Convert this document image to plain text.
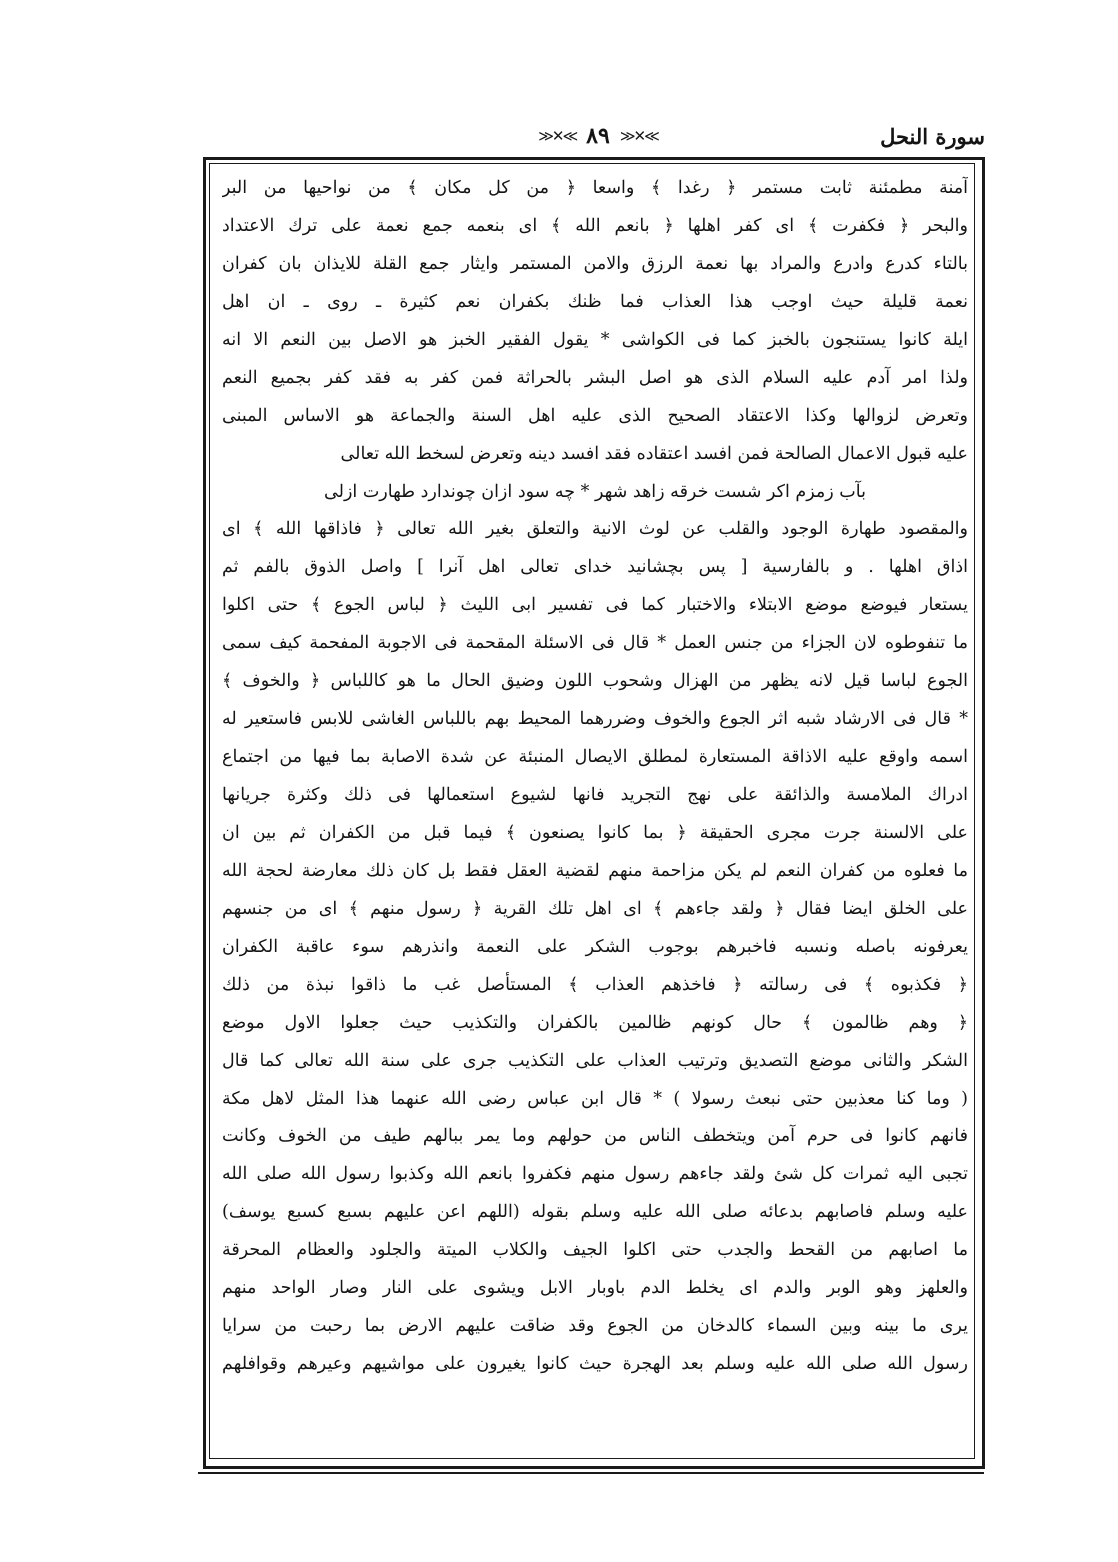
سورة النحل
≫✕≪ ٨٩ ≫✕≪
آمنة مطمئنة ثابت مستمر ﴿ رغدا ﴾ واسعا ﴿ من كل مكان ﴾ من نواحيها من البر
والبحر ﴿ فكفرت ﴾ اى كفر اهلها ﴿ بانعم الله ﴾ اى بنعمه جمع نعمة على ترك الاعتداد
بالتاء كدرع وادرع والمراد بها نعمة الرزق والامن المستمر وايثار جمع القلة للايذان بان كفران
نعمة قليلة حيث اوجب هذا العذاب فما ظنك بكفران نعم كثيرة ـ روى ـ ان اهل
ايلة كانوا يستنجون بالخبز كما فى الكواشى * يقول الفقير الخبز هو الاصل بين النعم الا انه
ولذا امر آدم عليه السلام الذى هو اصل البشر بالحراثة فمن كفر به فقد كفر بجميع النعم
وتعرض لزوالها وكذا الاعتقاد الصحيح الذى عليه اهل السنة والجماعة هو الاساس المبنى
عليه قبول الاعمال الصالحة فمن افسد اعتقاده فقد افسد دينه وتعرض لسخط الله تعالى
بآب زمزم اكر شست خرقه زاهد شهر * چه سود ازان چوندارد طهارت ازلى
والمقصود طهارة الوجود والقلب عن لوث الانية والتعلق بغير الله تعالى ﴿ فاذاقها الله ﴾ اى
اذاق اهلها . و بالفارسية [ پس بچشانيد خداى تعالى اهل آنرا ] واصل الذوق بالفم ثم
يستعار فيوضع موضع الابتلاء والاختبار كما فى تفسير ابى الليث ﴿ لباس الجوع ﴾ حتى اكلوا
ما تنفوطوه لان الجزاء من جنس العمل * قال فى الاسئلة المقحمة فى الاجوبة المفحمة كيف سمى
الجوع لباسا قيل لانه يظهر من الهزال وشحوب اللون وضيق الحال ما هو كاللباس ﴿ والخوف ﴾
* قال فى الارشاد شبه اثر الجوع والخوف وضررهما المحيط بهم باللباس الغاشى للابس فاستعير له
اسمه واوقع عليه الاذاقة المستعارة لمطلق الايصال المنبئة عن شدة الاصابة بما فيها من اجتماع
ادراك الملامسة والذائقة على نهج التجريد فانها لشيوع استعمالها فى ذلك وكثرة جريانها
على الالسنة جرت مجرى الحقيقة ﴿ بما كانوا يصنعون ﴾ فيما قبل من الكفران ثم بين ان
ما فعلوه من كفران النعم لم يكن مزاحمة منهم لقضية العقل فقط بل كان ذلك معارضة لحجة الله
على الخلق ايضا فقال ﴿ ولقد جاءهم ﴾ اى اهل تلك القرية ﴿ رسول منهم ﴾ اى من جنسهم
يعرفونه باصله ونسبه فاخبرهم بوجوب الشكر على النعمة وانذرهم سوء عاقبة الكفران
﴿ فكذبوه ﴾ فى رسالته ﴿ فاخذهم العذاب ﴾ المستأصل غب ما ذاقوا نبذة من ذلك
﴿ وهم ظالمون ﴾ حال كونهم ظالمين بالكفران والتكذيب حيث جعلوا الاول موضع
الشكر والثانى موضع التصديق وترتيب العذاب على التكذيب جرى على سنة الله تعالى كما قال
( وما كنا معذبين حتى نبعث رسولا ) * قال ابن عباس رضى الله عنهما هذا المثل لاهل مكة
فانهم كانوا فى حرم آمن ويتخطف الناس من حولهم وما يمر ببالهم طيف من الخوف وكانت
تجبى اليه ثمرات كل شئ ولقد جاءهم رسول منهم فكفروا بانعم الله وكذبوا رسول الله صلى الله
عليه وسلم فاصابهم بدعائه صلى الله عليه وسلم بقوله (اللهم اعن عليهم بسبع كسبع يوسف)
ما اصابهم من القحط والجدب حتى اكلوا الجيف والكلاب الميتة والجلود والعظام المحرقة
والعلهز وهو الوبر والدم اى يخلط الدم باوبار الابل ويشوى على النار وصار الواحد منهم
يرى ما بينه وبين السماء كالدخان من الجوع وقد ضاقت عليهم الارض بما رحبت من سرايا
رسول الله صلى الله عليه وسلم بعد الهجرة حيث كانوا يغيرون على مواشيهم وعيرهم وقوافلهم
